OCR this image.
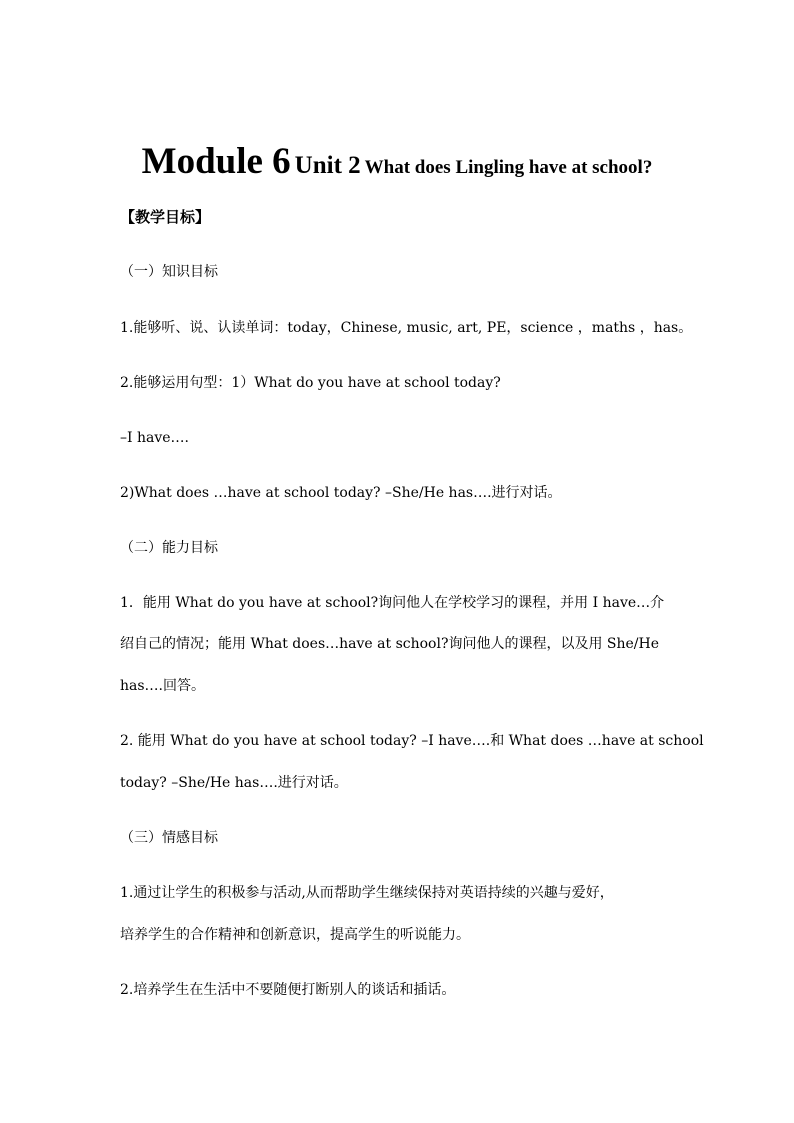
Module 6 Unit 2 What does Lingling have at school?
【教学目标】
（一）知识目标
1.能够听、说、认读单词：today，Chinese, music, art, PE，science ，maths ，has。
2.能够运用句型：1）What do you have at school today?
–I have….
2)What does …have at school today? –She/He has….进行对话。
（二）能力目标
1．能用 What do you have at school?询问他人在学校学习的课程，并用 I have…介
绍自己的情况；能用 What does…have at school?询问他人的课程，以及用 She/He
has….回答。
2. 能用 What do you have at school today? –I have….和 What does …have at school
today? –She/He has….进行对话。
（三）情感目标
1.通过让学生的积极参与活动,从而帮助学生继续保持对英语持续的兴趣与爱好，
培养学生的合作精神和创新意识，提高学生的听说能力。
2.培养学生在生活中不要随便打断别人的谈话和插话。
